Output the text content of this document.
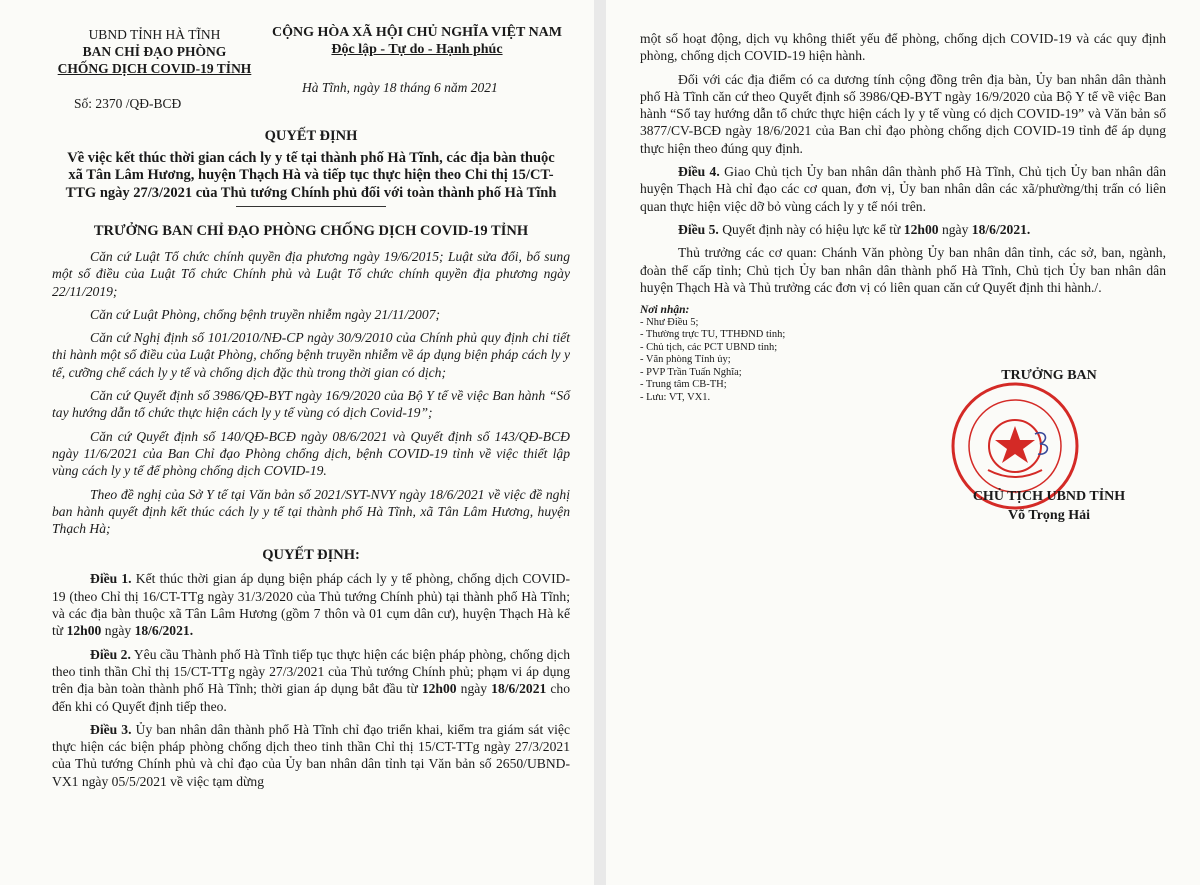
UBND TỈNH HÀ TĨNH
BAN CHỈ ĐẠO PHÒNG
CHỐNG DỊCH COVID-19 TỈNH
CỘNG HÒA XÃ HỘI CHỦ NGHĨA VIỆT NAM
Độc lập - Tự do - Hạnh phúc
Hà Tĩnh, ngày 18 tháng 6 năm 2021
Số: 2370 /QĐ-BCĐ
QUYẾT ĐỊNH
Về việc kết thúc thời gian cách ly y tế tại thành phố Hà Tĩnh, các địa bàn thuộc xã Tân Lâm Hương, huyện Thạch Hà và tiếp tục thực hiện theo Chỉ thị 15/CT-TTG ngày 27/3/2021 của Thủ tướng Chính phủ đối với toàn thành phố Hà Tĩnh
TRƯỞNG BAN CHỈ ĐẠO PHÒNG CHỐNG DỊCH COVID-19 TỈNH

Căn cứ Luật Tổ chức chính quyền địa phương ngày 19/6/2015; Luật sửa đổi, bổ sung một số điều của Luật Tổ chức Chính phủ và Luật Tổ chức chính quyền địa phương ngày 22/11/2019;

Căn cứ Luật Phòng, chống bệnh truyền nhiễm ngày 21/11/2007;

Căn cứ Nghị định số 101/2010/NĐ-CP ngày 30/9/2010 của Chính phủ quy định chi tiết thi hành một số điều của Luật Phòng, chống bệnh truyền nhiễm về áp dụng biện pháp cách ly y tế, cưỡng chế cách ly y tế và chống dịch đặc thù trong thời gian có dịch;

Căn cứ Quyết định số 3986/QĐ-BYT ngày 16/9/2020 của Bộ Y tế về việc Ban hành “Sổ tay hướng dẫn tổ chức thực hiện cách ly y tế vùng có dịch Covid-19”;

Căn cứ Quyết định số 140/QĐ-BCĐ ngày 08/6/2021 và Quyết định số 143/QĐ-BCĐ ngày 11/6/2021 của Ban Chỉ đạo Phòng chống dịch, bệnh COVID-19 tỉnh về việc thiết lập vùng cách ly y tế để phòng chống dịch COVID-19.

Theo đề nghị của Sở Y tế tại Văn bản số 2021/SYT-NVY ngày 18/6/2021 về việc đề nghị ban hành quyết định kết thúc cách ly y tế tại thành phố Hà Tĩnh, xã Tân Lâm Hương, huyện Thạch Hà;

QUYẾT ĐỊNH:

Điều 1. Kết thúc thời gian áp dụng biện pháp cách ly y tế phòng, chống dịch COVID-19 (theo Chỉ thị 16/CT-TTg ngày 31/3/2020 của Thủ tướng Chính phủ) tại thành phố Hà Tĩnh; và các địa bàn thuộc xã Tân Lâm Hương (gồm 7 thôn và 01 cụm dân cư), huyện Thạch Hà kể từ 12h00 ngày 18/6/2021.

Điều 2. Yêu cầu Thành phố Hà Tĩnh tiếp tục thực hiện các biện pháp phòng, chống dịch theo tinh thần Chỉ thị 15/CT-TTg ngày 27/3/2021 của Thủ tướng Chính phủ; phạm vi áp dụng trên địa bàn toàn thành phố Hà Tĩnh; thời gian áp dụng bắt đầu từ 12h00 ngày 18/6/2021 cho đến khi có Quyết định tiếp theo.

Điều 3. Ủy ban nhân dân thành phố Hà Tĩnh chỉ đạo triển khai, kiểm tra giám sát việc thực hiện các biện pháp phòng chống dịch theo tinh thần Chỉ thị 15/CT-TTg ngày 27/3/2021 của Thủ tướng Chính phủ và chỉ đạo của Ủy ban nhân dân tỉnh tại Văn bản số 2650/UBND-VX1 ngày 05/5/2021 về việc tạm dừng

một số hoạt động, dịch vụ không thiết yếu để phòng, chống dịch COVID-19 và các quy định phòng, chống dịch COVID-19 hiện hành.

Đối với các địa điểm có ca dương tính cộng đồng trên địa bàn, Ủy ban nhân dân thành phố Hà Tĩnh căn cứ theo Quyết định số 3986/QĐ-BYT ngày 16/9/2020 của Bộ Y tế về việc Ban hành “Sổ tay hướng dẫn tổ chức thực hiện cách ly y tế vùng có dịch COVID-19” và Văn bản số 3877/CV-BCĐ ngày 18/6/2021 của Ban chỉ đạo phòng chống dịch COVID-19 tỉnh để áp dụng thực hiện theo đúng quy định.

Điều 4. Giao Chủ tịch Ủy ban nhân dân thành phố Hà Tĩnh, Chủ tịch Ủy ban nhân dân huyện Thạch Hà chỉ đạo các cơ quan, đơn vị, Ủy ban nhân dân các xã/phường/thị trấn có liên quan thực hiện việc dỡ bỏ vùng cách ly y tế nói trên.

Điều 5. Quyết định này có hiệu lực kể từ 12h00 ngày 18/6/2021.

Thủ trưởng các cơ quan: Chánh Văn phòng Ủy ban nhân dân tỉnh, các sở, ban, ngành, đoàn thể cấp tỉnh; Chủ tịch Ủy ban nhân dân thành phố Hà Tĩnh, Chủ tịch Ủy ban nhân dân huyện Thạch Hà và Thủ trưởng các đơn vị có liên quan căn cứ Quyết định thi hành./.

Nơi nhận:
- Như Điều 5;
- Thường trực TU, TTHĐND tỉnh;
- Chủ tịch, các PCT UBND tỉnh;
- Văn phòng Tỉnh ủy;
- PVP Trần Tuấn Nghĩa;
- Trung tâm CB-TH;
- Lưu: VT, VX1.
TRƯỞNG BAN
CHỦ TỊCH UBND TỈNH
Võ Trọng Hải
